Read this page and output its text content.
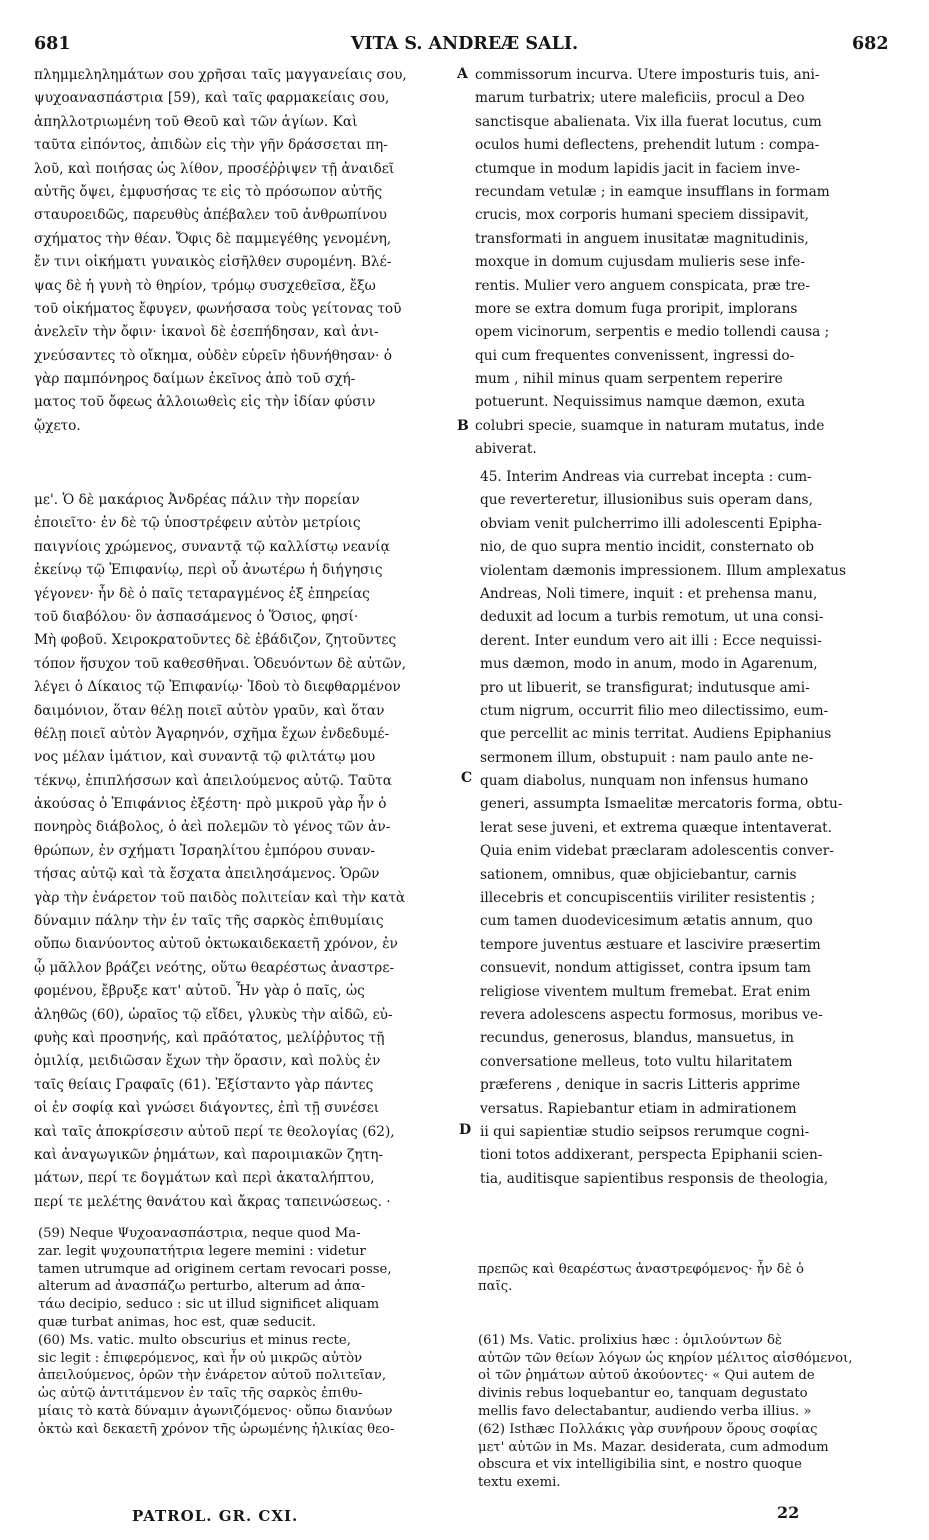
681	VITA S. ANDREÆ SALI.	682
A
B
C
D
πλημμεληλημάτων σου χρῆσαι ταῖς μαγγανείαις σου,
ψυχοανασπάστρια [59), καὶ ταῖς φαρμακείαις σου,
ἀπηλλοτριωμένη τοῦ Θεοῦ καὶ τῶν ἁγίων. Καὶ
ταῦτα εἰπόντος, ἀπιδὼν εἰς τὴν γῆν δράσσεται πη-
λοῦ, καὶ ποιήσας ὡς λίθον, προσέῤῥιψεν τῇ ἀναιδεῖ
αὐτῆς ὄψει, ἐμφυσήσας τε εἰς τὸ πρόσωπον αὐτῆς
σταυροειδῶς, παρευθὺς ἀπέβαλεν τοῦ ἀνθρωπίνου
σχήματος τὴν θέαν. Ὄφις δὲ παμμεγέθης γενομένη,
ἔν τινι οἰκήματι γυναικὸς εἰσῆλθεν συρομένη. Βλέ-
ψας δὲ ἡ γυνὴ τὸ θηρίον, τρόμῳ συσχεθεῖσα, ἔξω
τοῦ οἰκήματος ἔφυγεν, φωνήσασα τοὺς γείτονας τοῦ
ἀνελεῖν τὴν ὄφιν· ἱκανοὶ δὲ ἐσεπήδησαν, καὶ ἀνι-
χνεύσαντες τὸ οἴκημα, οὐδὲν εὑρεῖν ἠδυνήθησαν· ὁ
γὰρ παμπόνηρος δαίμων ἐκεῖνος ἀπὸ τοῦ σχή-
ματος τοῦ ὄφεως ἀλλοιωθεὶς εἰς τὴν ἰδίαν φύσιν
ᾤχετο.
με'. Ὁ δὲ μακάριος Ἀνδρέας πάλιν τὴν πορείαν
ἐποιεῖτο· ἐν δὲ τῷ ὑποστρέφειν αὐτὸν μετρίοις
παιγνίοις χρώμενος, συναντᾷ τῷ καλλίστῳ νεανίᾳ
ἐκείνῳ τῷ Ἐπιφανίῳ, περὶ οὗ ἀνωτέρω ἡ διήγησις
γέγονεν· ἦν δὲ ὁ παῖς τεταραγμένος ἐξ ἐπηρείας
τοῦ διαβόλου· ὃν ἀσπασάμενος ὁ Ὅσιος, φησί·
Μὴ φοβοῦ. Χειροκρατοῦντες δὲ ἐβάδιζον, ζητοῦντες
τόπον ἥσυχον τοῦ καθεσθῆναι. Ὁδευόντων δὲ αὐτῶν,
λέγει ὁ Δίκαιος τῷ Ἐπιφανίῳ· Ἰδοὺ τὸ διεφθαρμένον
δαιμόνιον, ὅταν θέλῃ ποιεῖ αὐτὸν γραῦν, καὶ ὅταν
θέλῃ ποιεῖ αὐτὸν Ἀγαρηνόν, σχῆμα ἔχων ἐνδεδυμέ-
νος μέλαν ἱμάτιον, καὶ συναντᾷ τῷ φιλτάτῳ μου
τέκνῳ, ἐπιπλήσσων καὶ ἀπειλούμενος αὐτῷ. Ταῦτα
ἀκούσας ὁ Ἐπιφάνιος ἐξέστη· πρὸ μικροῦ γὰρ ἦν ὁ
πονηρὸς διάβολος, ὁ ἀεὶ πολεμῶν τὸ γένος τῶν ἀν-
θρώπων, ἐν σχήματι Ἰσραηλίτου ἐμπόρου συναν-
τήσας αὐτῷ καὶ τὰ ἔσχατα ἀπειλησάμενος. Ὁρῶν
γὰρ τὴν ἐνάρετον τοῦ παιδὸς πολιτείαν καὶ τὴν κατὰ
δύναμιν πάλην τὴν ἐν ταῖς τῆς σαρκὸς ἐπιθυμίαις
οὔπω διανύοντος αὐτοῦ ὀκτωκαιδεκαετῆ χρόνον, ἐν
ᾧ μᾶλλον βράζει νεότης, οὕτω θεαρέστως ἀναστρε-
φομένου, ἔβρυξε κατ' αὐτοῦ. Ἦν γὰρ ὁ παῖς, ὡς
ἀληθῶς (60), ὡραῖος τῷ εἴδει, γλυκὺς τὴν αἰδῶ, εὐ-
φυὴς καὶ προσηνής, καὶ πρᾶότατος, μελίῤῥυτος τῇ
ὁμιλίᾳ, μειδιῶσαν ἔχων τὴν ὅρασιν, καὶ πολὺς ἐν
ταῖς θείαις Γραφαῖς (61). Ἐξίσταντο γὰρ πάντες
οἱ ἐν σοφίᾳ καὶ γνώσει διάγοντες, ἐπὶ τῇ συνέσει
καὶ ταῖς ἀποκρίσεσιν αὐτοῦ περί τε θεολογίας (62),
καὶ ἀναγωγικῶν ῥημάτων, καὶ παροιμιακῶν ζητη-
μάτων, περί τε δογμάτων καὶ περὶ ἀκαταλήπτου,
περί τε μελέτης θανάτου καὶ ἄκρας ταπεινώσεως. ·
commissorum incurva. Utere imposturis tuis, ani-
marum turbatrix; utere maleficiis, procul a Deo
sanctisque abalienata. Vix illa fuerat locutus, cum
oculos humi deflectens, prehendit lutum : compa-
ctumque in modum lapidis jacit in faciem inve-
recundam vetulæ ; in eamque insufflans in formam
crucis, mox corporis humani speciem dissipavit,
transformati in anguem inusitatæ magnitudinis,
moxque in domum cujusdam mulieris sese infe-
rentis. Mulier vero anguem conspicata, præ tre-
more se extra domum fuga proripit, implorans
opem vicinorum, serpentis e medio tollendi causa ;
qui cum frequentes convenissent, ingressi do-
mum , nihil minus quam serpentem reperire
potuerunt. Nequissimus namque dæmon, exuta
colubri specie, suamque in naturam mutatus, inde
abiverat.
45. Interim Andreas via currebat incepta : cum-
que reverteretur, illusionibus suis operam dans,
obviam venit pulcherrimo illi adolescenti Epipha-
nio, de quo supra mentio incidit, consternato ob
violentam dæmonis impressionem. Illum amplexatus
Andreas, Noli timere, inquit : et prehensa manu,
deduxit ad locum a turbis remotum, ut una consi-
derent. Inter eundum vero ait illi : Ecce nequissi-
mus dæmon, modo in anum, modo in Agarenum,
pro ut libuerit, se transfigurat; indutusque ami-
ctum nigrum, occurrit filio meo dilectissimo, eum-
que percellit ac minis territat. Audiens Epiphanius
sermonem illum, obstupuit : nam paulo ante ne-
quam diabolus, nunquam non infensus humano
generi, assumpta Ismaelitæ mercatoris forma, obtu-
lerat sese juveni, et extrema quæque intentaverat.
Quia enim videbat præclaram adolescentis conver-
sationem, omnibus, quæ objiciebantur, carnis
illecebris et concupiscentiis viriliter resistentis ;
cum tamen duodevicesimum ætatis annum, quo
tempore juventus æstuare et lascivire præsertim
consuevit, nondum attigisset, contra ipsum tam
religiose viventem multum fremebat. Erat enim
revera adolescens aspectu formosus, moribus ve-
recundus, generosus, blandus, mansuetus, in
conversatione melleus, toto vultu hilaritatem
præferens , denique in sacris Litteris apprime
versatus. Rapiebantur etiam in admirationem
ii qui sapientiæ studio seipsos rerumque cogni-
tioni totos addixerant, perspecta Epiphanii scien-
tia, auditisque sapientibus responsis de theologia,
(59) Neque Ψυχοανασπάστρια, neque quod Ma-
zar. legit ψυχουπατήτρια legere memini : videtur
tamen utrumque ad originem certam revocari posse,
alterum ad ἀνασπάζω perturbo, alterum ad ἀπα-
τάω decipio, seduco : sic ut illud significet aliquam
quæ turbat animas, hoc est, quæ seducit.
(60) Ms. vatic. multo obscurius et minus recte,
sic legit : ἐπιφερόμενος, καὶ ἦν οὐ μικρῶς αὐτὸν
ἀπειλούμενος, ὁρῶν τὴν ἐνάρετον αὐτοῦ πολιτεῖαν,
ὡς αὐτῷ ἀντιτάμενον ἐν ταῖς τῆς σαρκὸς ἐπιθυ-
μίαις τὸ κατὰ δύναμιν ἀγωνιζόμενος· οὔπω διανύων
ὀκτὼ καὶ δεκαετῆ χρόνον τῆς ὡρωμένης ἡλικίας θεο-

πρεπῶς καὶ θεαρέστως ἀναστρεφόμενος· ἦν δὲ ὁ
παῖς.

(61) Ms. Vatic. prolixius hæc : ὁμιλούντων δὲ
αὐτῶν τῶν θείων λόγων ὡς κηρίον μέλιτος αἰσθόμενοι,
οἱ τῶν ῥημάτων αὐτοῦ ἀκούοντες· « Qui autem de
divinis rebus loquebantur eo, tanquam degustato
mellis favo delectabantur, audiendo verba illius. »
(62) Isthæc Πολλάκις γὰρ συνήρουν ὅρους σοφίας
μετ' αὐτῶν in Ms. Mazar. desiderata, cum admodum
obscura et vix intelligibilia sint, e nostro quoque
textu exemi.

PATROL. GR. CXI.	22
